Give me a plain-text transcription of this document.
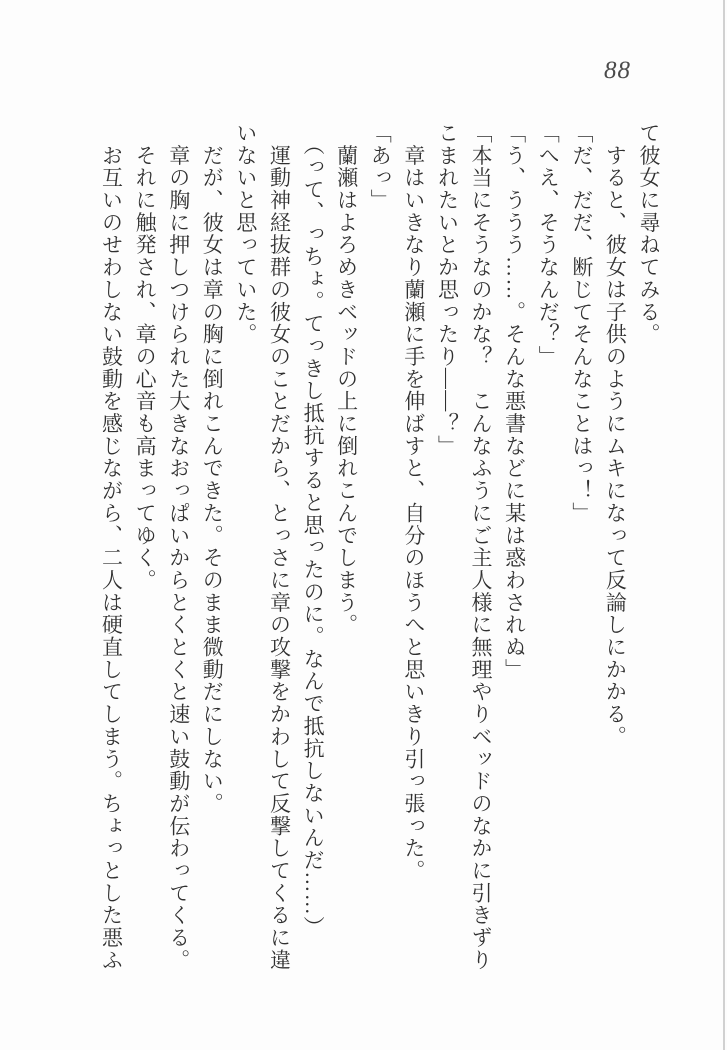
88

て彼女に尋ねてみる。

　すると、彼女は子供のようにムキになって反論しにかかる。

「だ、だだ、断じてそんなことはっ！」

「へえ、そうなんだ？」

「う、ううう……。そんな悪書などに某は惑わされぬ」

「本当にそうなのかな？　こんなふうにご主人様に無理やりベッドのなかに引きずり

こまれたいとか思ったり――？」

　章はいきなり蘭瀬に手を伸ばすと、自分のほうへと思いきり引っ張った。

「あっ」

　蘭瀬はよろめきベッドの上に倒れこんでしまう。

　（って、っちょ。てっきし抵抗すると思ったのに。なんで抵抗しないんだ……）

　運動神経抜群の彼女のことだから、とっさに章の攻撃をかわして反撃してくるに違

いないと思っていた。

　だが、彼女は章の胸に倒れこんできた。そのまま微動だにしない。

　章の胸に押しつけられた大きなおっぱいからとくとくと速い鼓動が伝わってくる。

　それに触発され、章の心音も高まってゆく。

　お互いのせわしない鼓動を感じながら、二人は硬直してしまう。ちょっとした悪ふ
